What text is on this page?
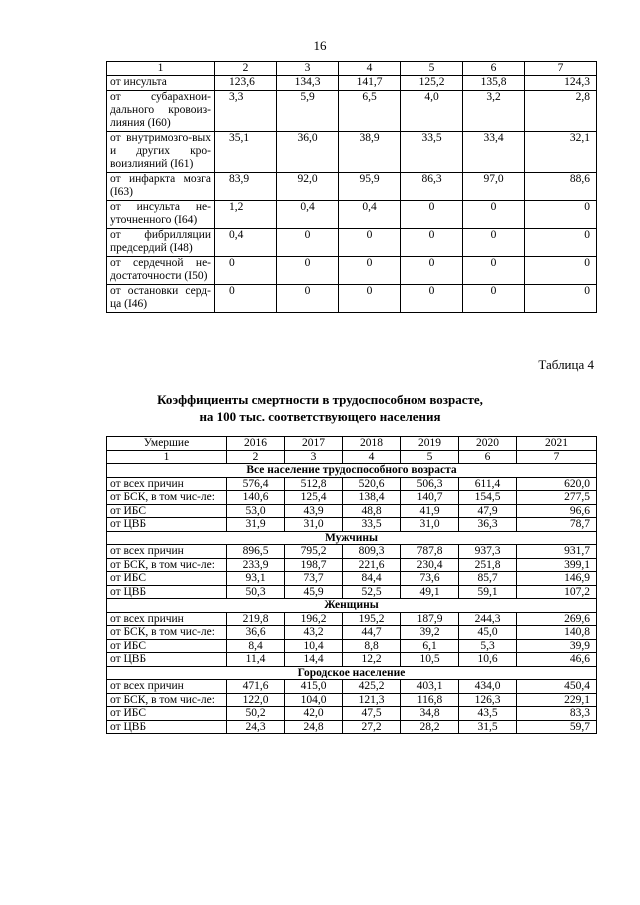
16
1	2	3	4	5	6	7
от инсульта	123,6	134,3	141,7	125,2	135,8	124,3
от субарахнои-дального кровоиз-лияния (I60)	3,3	5,9	6,5	4,0	3,2	2,8
от внутримозго-вых и других кро-воизлияний (I61)	35,1	36,0	38,9	33,5	33,4	32,1
от инфаркта мозга (I63)	83,9	92,0	95,9	86,3	97,0	88,6
от инсульта не-уточненного (I64)	1,2	0,4	0,4	0	0	0
от фибрилляции предсердий (I48)	0,4	0	0	0	0	0
от сердечной не-достаточности (I50)	0	0	0	0	0	0
от остановки серд-ца (I46)	0	0	0	0	0	0
Таблица 4
Коэффициенты смертности в трудоспособном возрасте,
на 100 тыс. соответствующего населения
Умершие	2016	2017	2018	2019	2020	2021
1	2	3	4	5	6	7
Все население трудоспособного возраста						
от всех причин	576,4	512,8	520,6	506,3	611,4	620,0
от БСК, в том чис-ле:	140,6	125,4	138,4	140,7	154,5	277,5
от ИБС	53,0	43,9	48,8	41,9	47,9	96,6
от ЦВБ	31,9	31,0	33,5	31,0	36,3	78,7
Мужчины						
от всех причин	896,5	795,2	809,3	787,8	937,3	931,7
от БСК, в том чис-ле:	233,9	198,7	221,6	230,4	251,8	399,1
от ИБС	93,1	73,7	84,4	73,6	85,7	146,9
от ЦВБ	50,3	45,9	52,5	49,1	59,1	107,2
Женщины						
от всех причин	219,8	196,2	195,2	187,9	244,3	269,6
от БСК, в том чис-ле:	36,6	43,2	44,7	39,2	45,0	140,8
от ИБС	8,4	10,4	8,8	6,1	5,3	39,9
от ЦВБ	11,4	14,4	12,2	10,5	10,6	46,6
Городское население						
от всех причин	471,6	415,0	425,2	403,1	434,0	450,4
от БСК, в том чис-ле:	122,0	104,0	121,3	116,8	126,3	229,1
от ИБС	50,2	42,0	47,5	34,8	43,5	83,3
от ЦВБ	24,3	24,8	27,2	28,2	31,5	59,7
